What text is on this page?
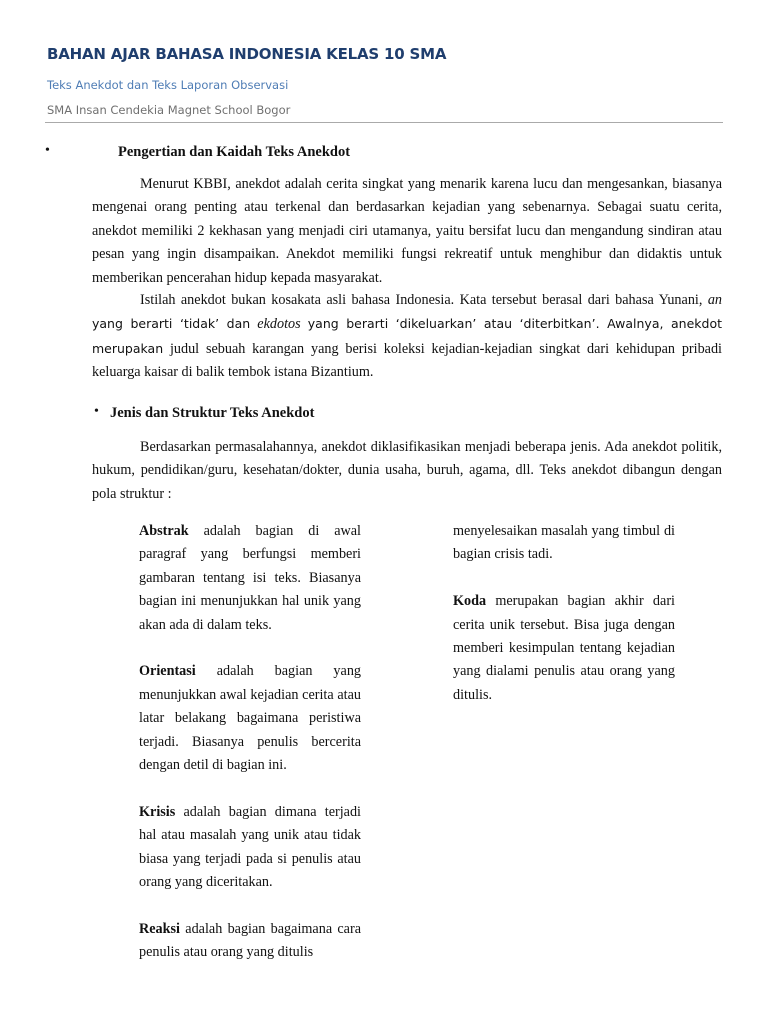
BAHAN AJAR BAHASA INDONESIA KELAS 10 SMA
Teks Anekdot dan Teks Laporan Observasi
SMA Insan Cendekia Magnet School Bogor
•	Pengertian dan Kaidah Teks Anekdot

Menurut KBBI, anekdot adalah cerita singkat yang menarik karena lucu dan mengesankan, biasanya mengenai orang penting atau terkenal dan berdasarkan kejadian yang sebenarnya. Sebagai suatu cerita, anekdot memiliki 2 kekhasan yang menjadi ciri utamanya, yaitu bersifat lucu dan mengandung sindiran atau pesan yang ingin disampaikan. Anekdot memiliki fungsi rekreatif untuk menghibur dan didaktis untuk memberikan pencerahan hidup kepada masyarakat.

Istilah anekdot bukan kosakata asli bahasa Indonesia. Kata tersebut berasal dari bahasa Yunani, an yang berarti ‘tidak’ dan ekdotos yang berarti ‘dikeluarkan’ atau ‘diterbitkan’. Awalnya, anekdot merupakan judul sebuah karangan yang berisi koleksi kejadian-kejadian singkat dari kehidupan pribadi keluarga kaisar di balik tembok istana Bizantium.

• Jenis dan Struktur Teks Anekdot

Berdasarkan permasalahannya, anekdot diklasifikasikan menjadi beberapa jenis. Ada anekdot politik, hukum, pendidikan/guru, kesehatan/dokter, dunia usaha, buruh, agama, dll. Teks anekdot dibangun dengan pola struktur :

Abstrak adalah bagian di awal paragraf yang berfungsi memberi gambaran tentang isi teks. Biasanya bagian ini menunjukkan hal unik yang akan ada di dalam teks.

Orientasi adalah bagian yang menunjukkan awal kejadian cerita atau latar belakang bagaimana peristiwa terjadi. Biasanya penulis bercerita dengan detil di bagian ini.

Krisis adalah bagian dimana terjadi hal atau masalah yang unik atau tidak biasa yang terjadi pada si penulis atau orang yang diceritakan.

Reaksi adalah bagian bagaimana cara penulis atau orang yang ditulis

menyelesaikan masalah yang timbul di bagian crisis tadi.

Koda merupakan bagian akhir dari cerita unik tersebut. Bisa juga dengan memberi kesimpulan tentang kejadian yang dialami penulis atau orang yang ditulis.
